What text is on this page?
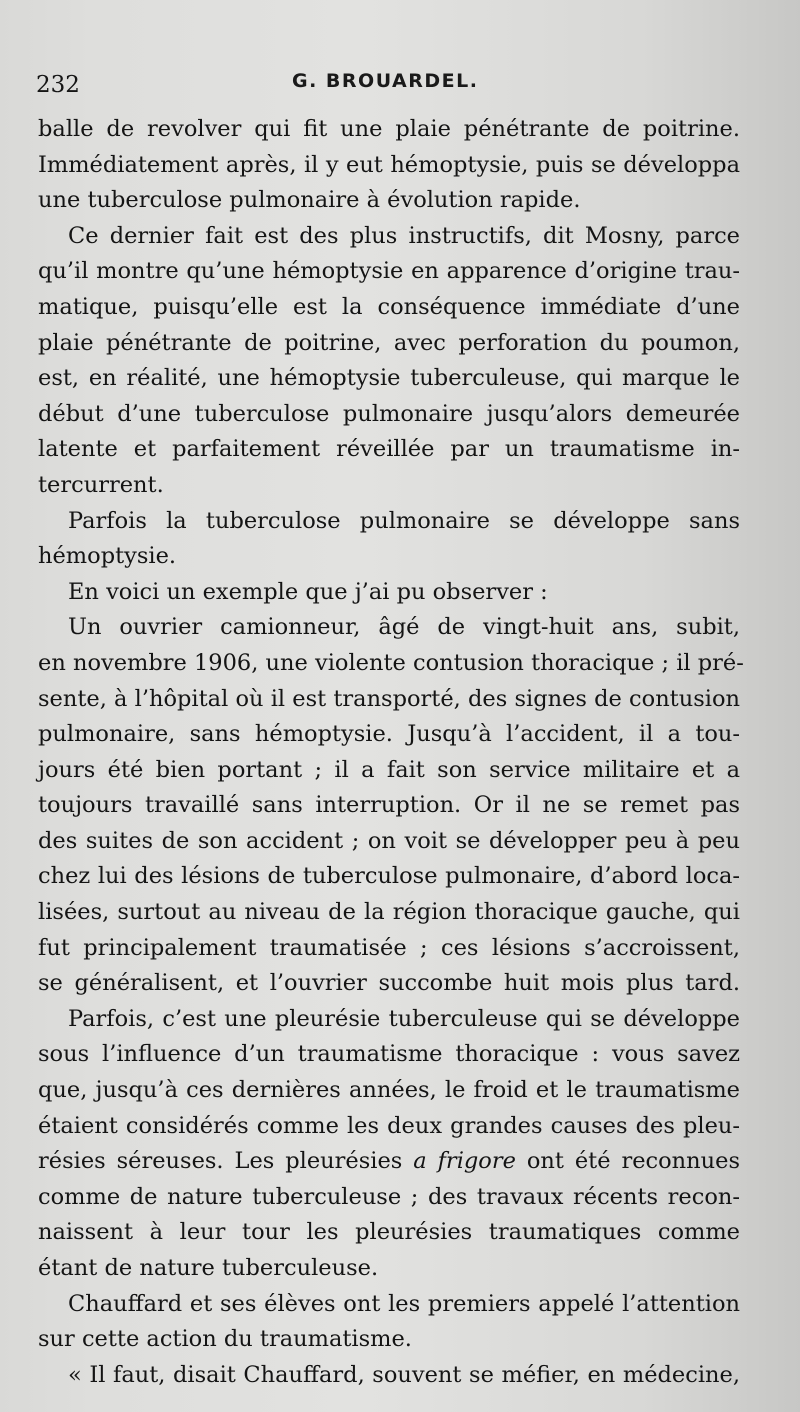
232	G. BROUARDEL.
balle de revolver qui fit une plaie pénétrante de poitrine.
Immédiatement après, il y eut hémoptysie, puis se développa
une tuberculose pulmonaire à évolution rapide.
Ce dernier fait est des plus instructifs, dit Mosny, parce
qu’il montre qu’une hémoptysie en apparence d’origine trau-
matique, puisqu’elle est la conséquence immédiate d’une
plaie pénétrante de poitrine, avec perforation du poumon,
est, en réalité, une hémoptysie tuberculeuse, qui marque le
début d’une tuberculose pulmonaire jusqu’alors demeurée
latente et parfaitement réveillée par un traumatisme in-
tercurrent.
Parfois la tuberculose pulmonaire se développe sans
hémoptysie.
En voici un exemple que j’ai pu observer :
Un ouvrier camionneur, âgé de vingt-huit ans, subit,
en novembre 1906, une violente contusion thoracique ; il pré-
sente, à l’hôpital où il est transporté, des signes de contusion
pulmonaire, sans hémoptysie. Jusqu’à l’accident, il a tou-
jours été bien portant ; il a fait son service militaire et a
toujours travaillé sans interruption. Or il ne se remet pas
des suites de son accident ; on voit se développer peu à peu
chez lui des lésions de tuberculose pulmonaire, d’abord loca-
lisées, surtout au niveau de la région thoracique gauche, qui
fut principalement traumatisée ; ces lésions s’accroissent,
se généralisent, et l’ouvrier succombe huit mois plus tard.
Parfois, c’est une pleurésie tuberculeuse qui se développe
sous l’influence d’un traumatisme thoracique : vous savez
que, jusqu’à ces dernières années, le froid et le traumatisme
étaient considérés comme les deux grandes causes des pleu-
résies séreuses. Les pleurésies a frigore ont été reconnues
comme de nature tuberculeuse ; des travaux récents recon-
naissent à leur tour les pleurésies traumatiques comme
étant de nature tuberculeuse.
Chauffard et ses élèves ont les premiers appelé l’attention
sur cette action du traumatisme.
« Il faut, disait Chauffard, souvent se méfier, en médecine,
